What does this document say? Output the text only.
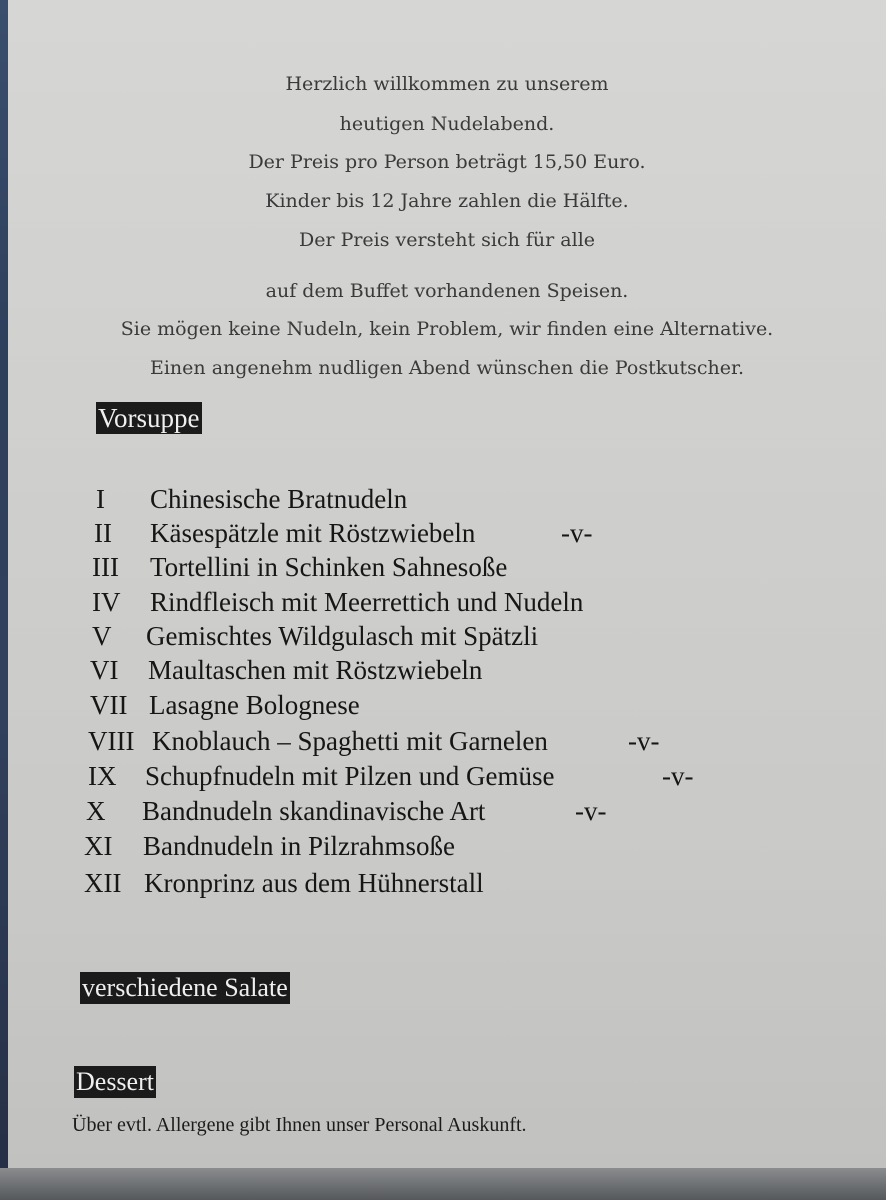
Herzlich willkommen zu unserem

heutigen Nudelabend.

Der Preis pro Person beträgt 15,50 Euro.

Kinder bis 12 Jahre zahlen die Hälfte.

Der Preis versteht sich für alle

auf dem Buffet vorhandenen Speisen.

Sie mögen keine Nudeln, kein Problem, wir finden eine Alternative.

Einen angenehm nudligen Abend wünschen die Postkutscher.

Vorsuppe
I Chinesische Bratnudeln
II Käsespätzle mit Röstzwiebeln	-v-
III Tortellini in Schinken Sahnesoße
IV Rindfleisch mit Meerrettich und Nudeln
V Gemischtes Wildgulasch mit Spätzli
VI Maultaschen mit Röstzwiebeln
VII Lasagne Bolognese
VIII Knoblauch – Spaghetti mit Garnelen	-v-
IX Schupfnudeln mit Pilzen und Gemüse	-v-
X Bandnudeln skandinavische Art	-v-
XI Bandnudeln in Pilzrahmsoße
XII Kronprinz aus dem Hühnerstall
verschiedene Salate
Dessert
Über evtl. Allergene gibt Ihnen unser Personal Auskunft.
